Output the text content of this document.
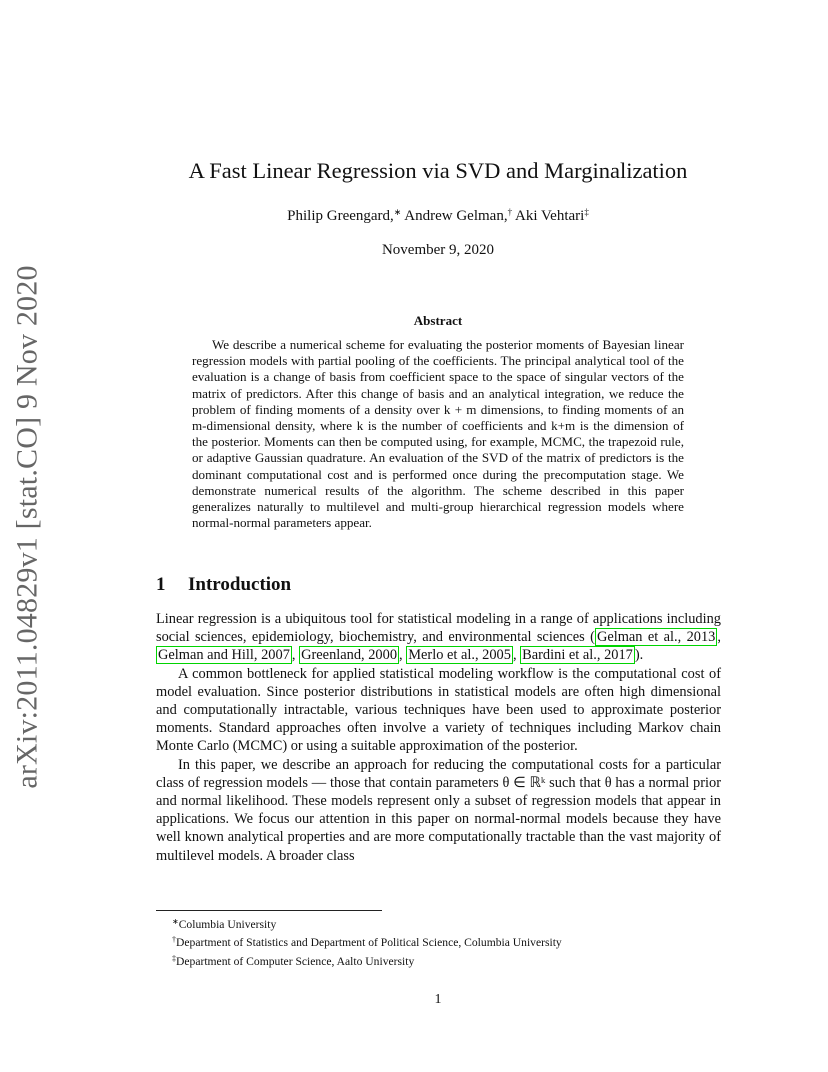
arXiv:2011.04829v1 [stat.CO] 9 Nov 2020
A Fast Linear Regression via SVD and Marginalization
Philip Greengard,∗ Andrew Gelman,† Aki Vehtari‡
November 9, 2020
Abstract
We describe a numerical scheme for evaluating the posterior moments of Bayesian linear regression models with partial pooling of the coefficients. The principal analytical tool of the evaluation is a change of basis from coefficient space to the space of singular vectors of the matrix of predictors. After this change of basis and an analytical integration, we reduce the problem of finding moments of a density over k + m dimensions, to finding moments of an m-dimensional density, where k is the number of coefficients and k+m is the dimension of the posterior. Moments can then be computed using, for example, MCMC, the trapezoid rule, or adaptive Gaussian quadrature. An evaluation of the SVD of the matrix of predictors is the dominant computational cost and is performed once during the precomputation stage. We demonstrate numerical results of the algorithm. The scheme described in this paper generalizes naturally to multilevel and multi-group hierarchical regression models where normal-normal parameters appear.
1 Introduction

Linear regression is a ubiquitous tool for statistical modeling in a range of applications including social sciences, epidemiology, biochemistry, and environmental sciences ( Gelman et al., 2013 , Gelman and Hill, 2007 , Greenland, 2000 , Merlo et al., 2005 , Bardini et al., 2017 ).

A common bottleneck for applied statistical modeling workflow is the computational cost of model evaluation. Since posterior distributions in statistical models are often high dimensional and computationally intractable, various techniques have been used to approximate posterior moments. Standard approaches often involve a variety of techniques including Markov chain Monte Carlo (MCMC) or using a suitable approximation of the posterior.

In this paper, we describe an approach for reducing the computational costs for a particular class of regression models — those that contain parameters θ ∈ ℝᵏ such that θ has a normal prior and normal likelihood. These models represent only a subset of regression models that appear in applications. We focus our attention in this paper on normal-normal models because they have well known analytical properties and are more computationally tractable than the vast majority of multilevel models. A broader class

∗Columbia University
†Department of Statistics and Department of Political Science, Columbia University
‡Department of Computer Science, Aalto University
1
